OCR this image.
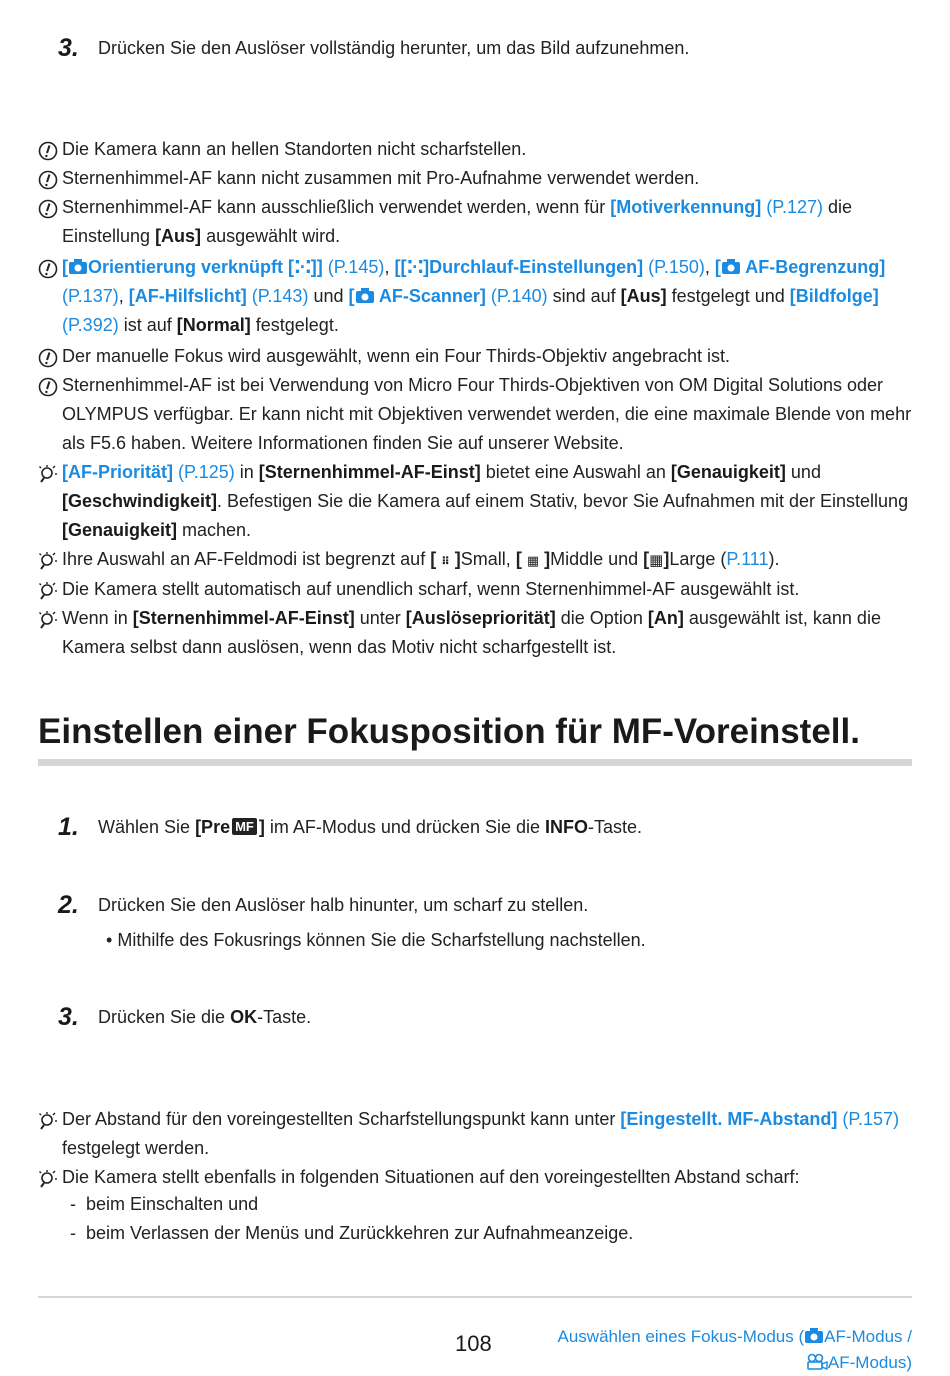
3. Drücken Sie den Auslöser vollständig herunter, um das Bild aufzunehmen.
Die Kamera kann an hellen Standorten nicht scharfstellen.
Sternenhimmel-AF kann nicht zusammen mit Pro-Aufnahme verwendet werden.
Sternenhimmel-AF kann ausschließlich verwendet werden, wenn für [Motiverkennung] (P.127) die Einstellung [Aus] ausgewählt wird.
[ Orientierung verknüpft [⁚·⁚]] (P.145), [[⁚·⁚]Durchlauf-Einstellungen] (P.150), [ AF-Begrenzung] (P.137), [AF-Hilfslicht] (P.143) und [ AF-Scanner] (P.140) sind auf [Aus] festgelegt und [Bildfolge] (P.392) ist auf [Normal] festgelegt.
Der manuelle Fokus wird ausgewählt, wenn ein Four Thirds-Objektiv angebracht ist.
Sternenhimmel-AF ist bei Verwendung von Micro Four Thirds-Objektiven von OM Digital Solutions oder OLYMPUS verfügbar. Er kann nicht mit Objektiven verwendet werden, die eine maximale Blende von mehr als F5.6 haben. Weitere Informationen finden Sie auf unserer Website.
[AF-Priorität] (P.125) in [Sternenhimmel-AF-Einst] bietet eine Auswahl an [Genauigkeit] und [Geschwindigkeit]. Befestigen Sie die Kamera auf einem Stativ, bevor Sie Aufnahmen mit der Einstellung [Genauigkeit] machen.
Ihre Auswahl an AF-Feldmodi ist begrenzt auf [ ⠿ ]Small, [ ▦ ]Middle und [▦]Large (P.111).
Die Kamera stellt automatisch auf unendlich scharf, wenn Sternenhimmel-AF ausgewählt ist.
Wenn in [Sternenhimmel-AF-Einst] unter [Auslösepriorität] die Option [An] ausgewählt ist, kann die Kamera selbst dann auslösen, wenn das Motiv nicht scharfgestellt ist.
Einstellen einer Fokusposition für MF-Voreinstell.
1. Wählen Sie [Pre MF ] im AF-Modus und drücken Sie die INFO-Taste.
2. Drücken Sie den Auslöser halb hinunter, um scharf zu stellen.
• Mithilfe des Fokusrings können Sie die Scharfstellung nachstellen.
3. Drücken Sie die OK-Taste.
Der Abstand für den voreingestellten Scharfstellungspunkt kann unter [Eingestellt. MF-Abstand] (P.157) festgelegt werden.
Die Kamera stellt ebenfalls in folgenden Situationen auf den voreingestellten Abstand scharf:
-  beim Einschalten und
-  beim Verlassen der Menüs und Zurückkehren zur Aufnahmeanzeige.
108	Auswählen eines Fokus-Modus ( AF-Modus /
AF-Modus)
